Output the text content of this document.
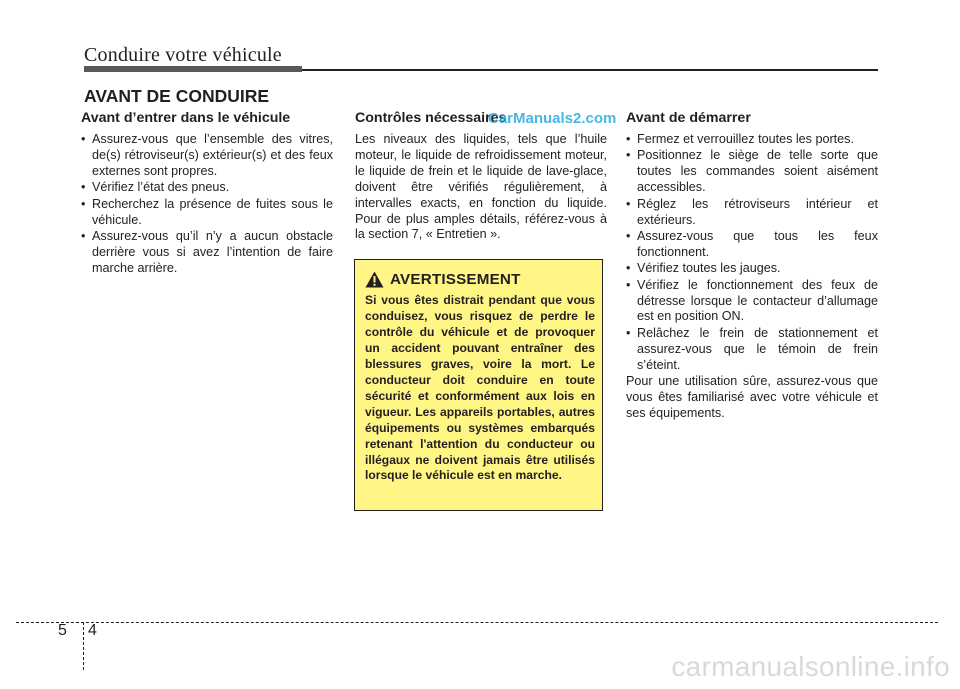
Conduire votre véhicule
AVANT DE CONDUIRE
Avant d’entrer dans le véhicule
• Assurez-vous que l’ensemble des vitres, de(s) rétroviseur(s) extérieur(s) et des feux externes sont propres.
• Vérifiez l’état des pneus.
• Recherchez la présence de fuites sous le véhicule.
• Assurez-vous qu’il n’y a aucun obstacle derrière vous si avez l’intention de faire marche arrière.
Contrôles nécessaires

Les niveaux des liquides, tels que l’huile moteur, le liquide de refroidissement moteur, le liquide de frein et le liquide de lave-glace, doivent être vérifiés régulièrement, à intervalles exacts, en fonction du liquide. Pour de plus amples détails, référez-vous à la section 7, « Entretien ».

CarManuals2.com
AVERTISSEMENT
Si vous êtes distrait pendant que vous conduisez, vous risquez de perdre le contrôle du véhicule et de provoquer un accident pouvant entraîner des blessures graves, voire la mort. Le conducteur doit conduire en toute sécurité et conformément aux lois en vigueur. Les appareils portables, autres équipements ou systèmes embarqués retenant l'attention du conducteur ou illégaux ne doivent jamais être utilisés lorsque le véhicule est en marche.
Avant de démarrer
• Fermez et verrouillez toutes les portes.
• Positionnez le siège de telle sorte que toutes les commandes soient aisément accessibles.
• Réglez les rétroviseurs intérieur et extérieurs.
• Assurez-vous que tous les feux fonctionnent.
• Vérifiez toutes les jauges.
• Vérifiez le fonctionnement des feux de détresse lorsque le contacteur d’allumage est en position ON.
• Relâchez le frein de stationnement et assurez-vous que le témoin de frein s’éteint.

Pour une utilisation sûre, assurez-vous que vous êtes familiarisé avec votre véhicule et ses équipements.

5 4
carmanualsonline.info
